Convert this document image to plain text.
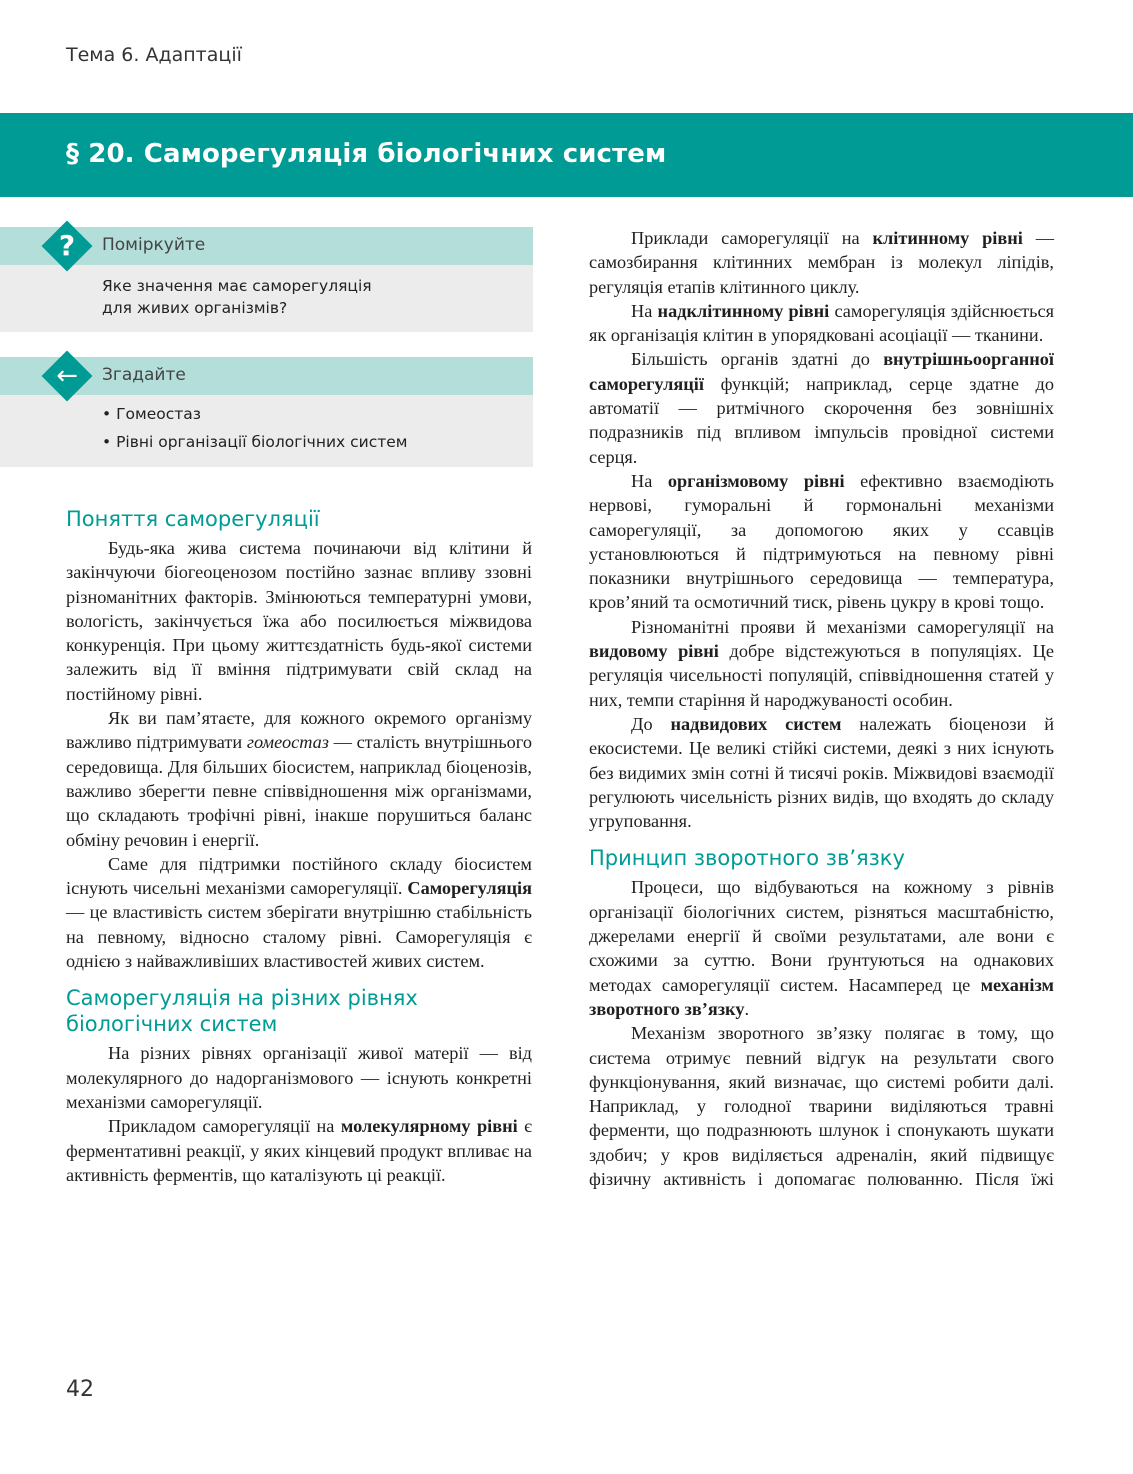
Тема 6. Адаптації
§ 20. Саморегуляція біологічних систем
?	Поміркуйте
Яке значення має саморегуляція
для живих організмів?
←	Згадайте
• Гомеостаз
• Рівні організації біологічних систем
Поняття саморегуляції

Будь-яка жива система починаючи від клітини й закінчуючи біогеоценозом постійно зазнає впливу ззовні різноманітних факторів. Змінюються температурні умови, вологість, закінчується їжа або посилюється міжвидова конкуренція. При цьому життєздатність будь-якої системи залежить від її вміння підтримувати свій склад на постійному рівні.

Як ви пам’ятаєте, для кожного окремого організму важливо підтримувати гомеостаз — сталість внутрішнього середовища. Для більших біосистем, наприклад біоценозів, важливо зберегти певне співвідношення між організмами, що складають трофічні рівні, інакше порушиться баланс обміну речовин і енергії.

Саме для підтримки постійного складу біосистем існують чисельні механізми саморегуляції. Саморегуляція — це властивість систем зберігати внутрішню стабільність на певному, відносно сталому рівні. Саморегуляція є однією з найважливіших властивостей живих систем.

Саморегуляція на різних рівнях
біологічних систем

На різних рівнях організації живої матерії — від молекулярного до надорганізмового — існують конкретні механізми саморегуляції.

Прикладом саморегуляції на молекулярному рівні є ферментативні реакції, у яких кінцевий продукт впливає на активність ферментів, що каталізують ці реакції.

Приклади саморегуляції на клітинному рівні — самозбирання клітинних мембран із молекул ліпідів, регуляція етапів клітинного циклу.

На надклітинному рівні саморегуляція здійснюється як організація клітин в упорядковані асоціації — тканини.

Більшість органів здатні до внутрішньоорганної саморегуляції функцій; наприклад, серце здатне до автоматії — ритмічного скорочення без зовнішніх подразників під впливом імпульсів провідної системи серця.

На організмовому рівні ефективно взаємодіють нервові, гуморальні й гормональні механізми саморегуляції, за допомогою яких у ссавців установлюються й підтримуються на певному рівні показники внутрішнього середовища — температура, кров’яний та осмотичний тиск, рівень цукру в крові тощо.

Різноманітні прояви й механізми саморегуляції на видовому рівні добре відстежуються в популяціях. Це регуляція чисельності популяцій, співвідношення статей у них, темпи старіння й народжуваності особин.

До надвидових систем належать біоценози й екосистеми. Це великі стійкі системи, деякі з них існують без видимих змін сотні й тисячі років. Міжвидові взаємодії регулюють чисельність різних видів, що входять до складу угруповання.

Принцип зворотного зв’язку

Процеси, що відбуваються на кожному з рівнів організації біологічних систем, різняться масштабністю, джерелами енергії й своїми результатами, але вони є схожими за суттю. Вони ґрунтуються на однакових методах саморегуляції систем. Насамперед це механізм зворотного зв’язку.

Механізм зворотного зв’язку полягає в тому, що система отримує певний відгук на результати свого функціонування, який визначає, що системі робити далі. Наприклад, у голодної тварини виділяються травні ферменти, що подразнюють шлунок і спонукають шукати здобич; у кров виділяється адреналін, який підвищує фізичну активність і допомагає полюванню. Після їжі

42
